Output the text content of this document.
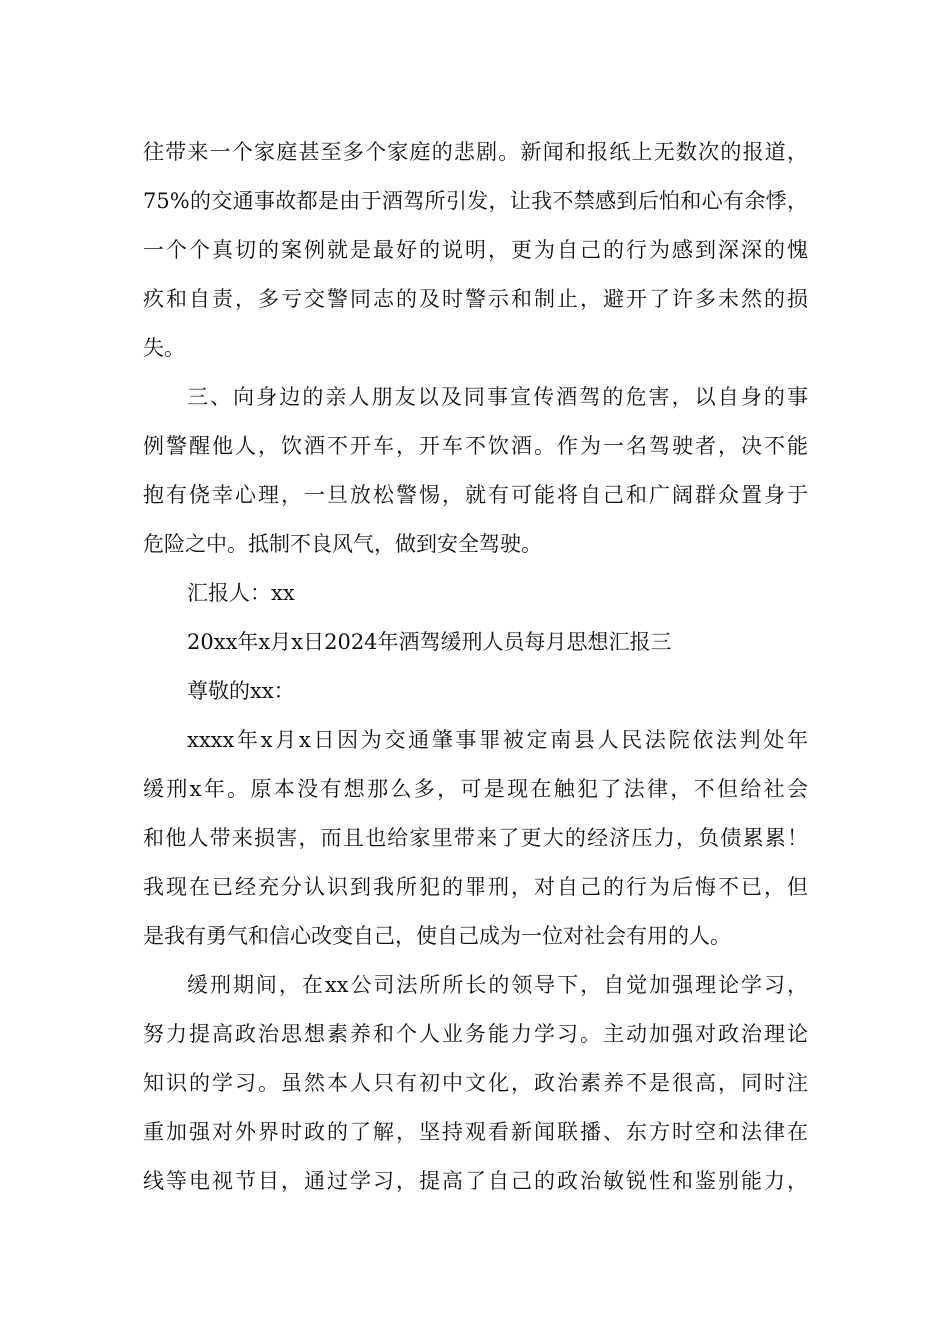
往带来一个家庭甚至多个家庭的悲剧。新闻和报纸上无数次的报道，
75%的交通事故都是由于酒驾所引发，让我不禁感到后怕和心有余悸，
一个个真切的案例就是最好的说明，更为自己的行为感到深深的愧
疚和自责，多亏交警同志的及时警示和制止，避开了许多未然的损
失。
三、向身边的亲人朋友以及同事宣传酒驾的危害，以自身的事
例警醒他人，饮酒不开车，开车不饮酒。作为一名驾驶者，决不能
抱有侥幸心理，一旦放松警惕，就有可能将自己和广阔群众置身于
危险之中。抵制不良风气，做到安全驾驶。
汇报人：xx
20xx年x月x日2024年酒驾缓刑人员每月思想汇报三
尊敬的xx：
xxxx年x月x日因为交通肇事罪被定南县人民法院依法判处年
缓刑x年。原本没有想那么多，可是现在触犯了法律，不但给社会
和他人带来损害，而且也给家里带来了更大的经济压力，负债累累！
我现在已经充分认识到我所犯的罪刑，对自己的行为后悔不已，但
是我有勇气和信心改变自己，使自己成为一位对社会有用的人。
缓刑期间，在xx公司法所所长的领导下，自觉加强理论学习，
努力提高政治思想素养和个人业务能力学习。主动加强对政治理论
知识的学习。虽然本人只有初中文化，政治素养不是很高，同时注
重加强对外界时政的了解，坚持观看新闻联播、东方时空和法律在
线等电视节目，通过学习，提高了自己的政治敏锐性和鉴别能力，
